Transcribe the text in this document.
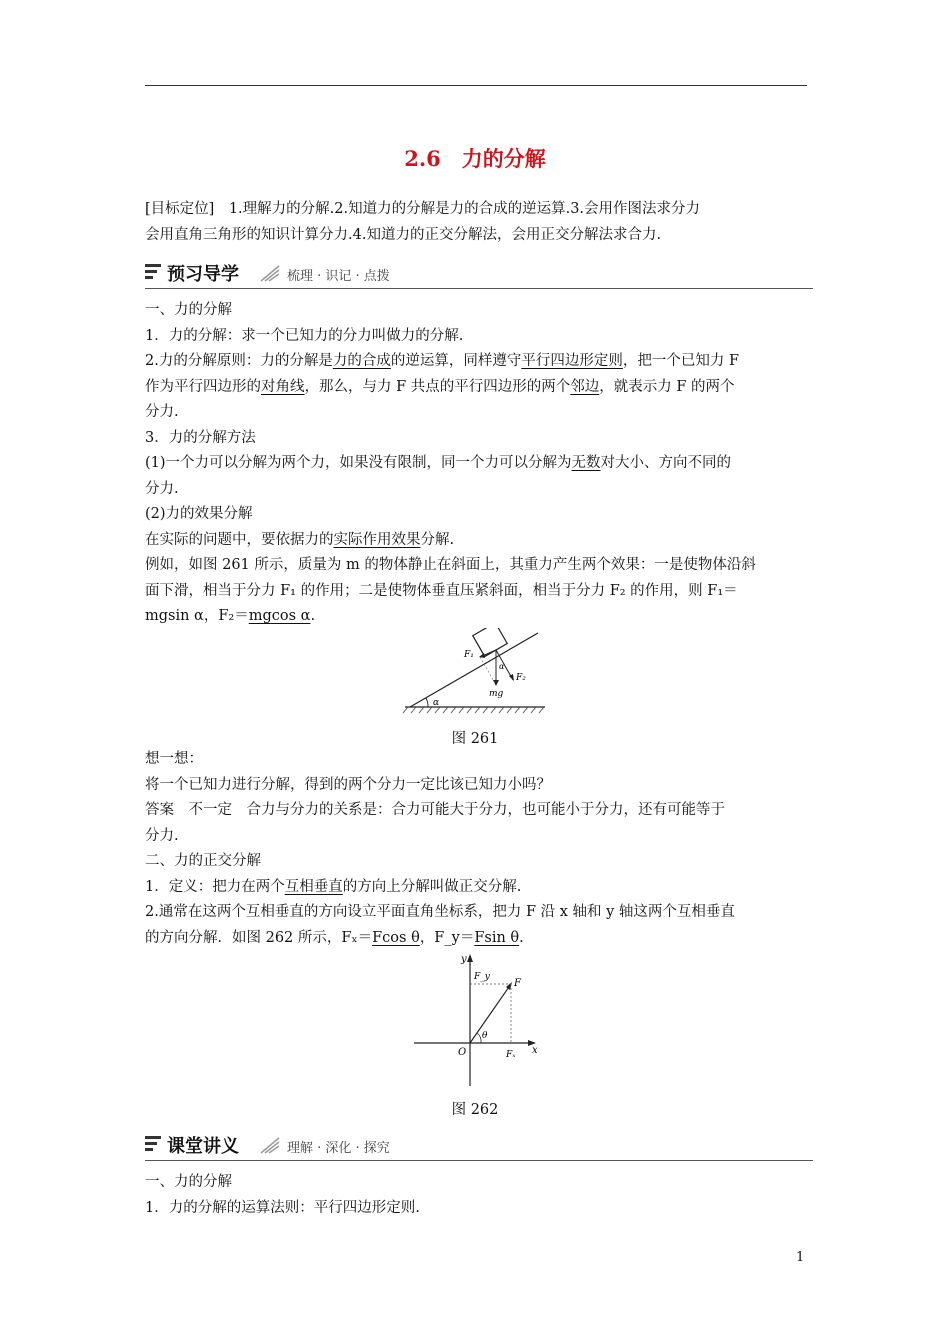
2.6　力的分解
[目标定位]　1.理解力的分解.2.知道力的分解是力的合成的逆运算.3.会用作图法求分力
会用直角三角形的知识计算分力.4.知道力的正交分解法，会用正交分解法求合力.
预习导学	梳理 · 识记 · 点拨
一、力的分解
1．力的分解：求一个已知力的分力叫做力的分解.
2.力的分解原则：力的分解是力的合成的逆运算，同样遵守平行四边形定则，把一个已知力 F
作为平行四边形的对角线，那么，与力 F 共点的平行四边形的两个邻边，就表示力 F 的两个
分力.
3．力的分解方法
(1)一个力可以分解为两个力，如果没有限制，同一个力可以分解为无数对大小、方向不同的
分力.
(2)力的效果分解
在实际的问题中，要依据力的实际作用效果分解.
例如，如图 261 所示，质量为 m 的物体静止在斜面上，其重力产生两个效果：一是使物体沿斜
面下滑，相当于分力 F₁ 的作用；二是使物体垂直压紧斜面，相当于分力 F₂ 的作用，则 F₁＝
mgsin α，F₂＝mgcos α.
α
F₁
F₂
mg
α
图 261
想一想：
将一个已知力进行分解，得到的两个分力一定比该已知力小吗？
答案　不一定　合力与分力的关系是：合力可能大于分力，也可能小于分力，还有可能等于
分力.
二、力的正交分解
1．定义：把力在两个互相垂直的方向上分解叫做正交分解.
2.通常在这两个互相垂直的方向设立平面直角坐标系，把力 F 沿 x 轴和 y 轴这两个互相垂直
的方向分解．如图 262 所示，Fₓ＝Fcos θ，F_y＝Fsin θ.
y
x
O
F
Fₓ
F_y
θ
图 262
课堂讲义	理解 · 深化 · 探究
一、力的分解
1．力的分解的运算法则：平行四边形定则.
1
